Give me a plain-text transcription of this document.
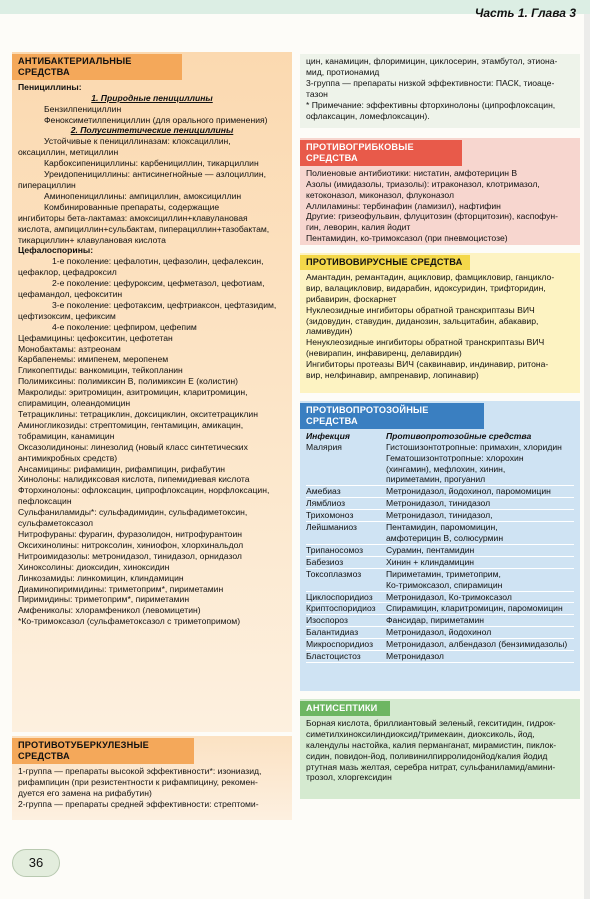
Часть 1. Глава 3
АНТИБАКТЕРИАЛЬНЫЕ СРЕДСТВА
Пенициллины:
1. Природные пенициллины
Бензилпенициллин
Феноксиметилпенициллин (для орального применения)
2. Полусинтетические пенициллины
Устойчивые к пенициллиназам: клоксациллин,
оксациллин, метициллин
Карбоксипенициллины: карбенициллин, тикарциллин
Уреидопенициллины: антисинегнойные — азлоциллин,
пиперациллин
Аминопенициллины: ампициллин, амоксициллин
Комбинированные препараты, содержащие
ингибиторы бета-лактамаз: амоксициллин+клавулановая
кислота, ампициллин+сульбактам, пиперациллин+тазобактам,
тикарциллин+ клавулановая кислота
Цефалоспорины:
1-е поколение: цефалотин, цефазолин, цефалексин,
цефаклор, цефадроксил
2-е поколение: цефуроксим, цефметазол, цефотиам,
цефамандол, цефокситин
3-е поколение: цефотаксим, цефтриаксон, цефтазидим,
цефтизоксим, цефиксим
4-е поколение: цефпиром, цефепим
Цефамицины: цефокситин, цефотетан
Монобактамы: азтреонам
Карбапенемы: имипенем, меропенем
Гликопептиды: ванкомицин, тейкопланин
Полимиксины: полимиксин В, полимиксин Е (колистин)
Макролиды: эритромицин, азитромицин, кларитромицин,
спирамицин, олеандомицин
Тетрациклины: тетрациклин, доксициклин, окситетрациклин
Аминогликозиды: стрептомицин, гентамицин, амикацин,
тобрамицин, канамицин
Оксазолидиноны: линезолид (новый класс синтетических
антимикробных средств)
Ансамицины: рифамицин, рифампицин, рифабутин
Хинолоны: налидиксовая кислота, пипемидиевая кислота
Фторхинолоны: офлоксацин, ципрофлоксацин, норфлоксацин,
пефлоксацин
Сульфаниламиды*: сульфадимидин, сульфадиметоксин,
сульфаметоксазол
Нитрофураны: фурагин, фуразолидон, нитрофурантоин
Оксихинолины: нитроксолин, хиниофон, хлорхинальдол
Нитроимидазолы: метронидазол, тинидазол, орнидазол
Хиноксолины: диоксидин, хиноксидин
Линкозамиды: линкомицин, клиндамицин
Диаминопиримидины: триметоприм*, пириметамин
Пиримидины: триметоприм*, пириметамин
Амфениколы: хлорамфеникол (левомицетин)
*Ко-тримоксазол (сульфаметоксазол с триметопримом)
ПРОТИВОТУБЕРКУЛЕЗНЫЕ СРЕДСТВА
1-группа — препараты высокой эффективности*: изониазид,
рифампицин (при резистентности к рифампицину, рекомен-
дуется его замена на рифабутин)
2-группа — препараты средней эффективности: стрептоми-
цин, канамицин, флоримицин, циклосерин, этамбутол, этиона-
мид, протионамид
3-группа — препараты низкой эффективности: ПАСК, тиоаце-
тазон
* Примечание: эффективны фторхинолоны (ципрофлоксацин,
офлаксацин, ломефлоксацин).
ПРОТИВОГРИБКОВЫЕ СРЕДСТВА
Полиеновые антибиотики: нистатин, амфотерицин В
Азолы (имидазолы, триазолы): итраконазол, клотримазол,
кетоконазол, миконазол, флуконазол
Аллиламины: тербинафин (ламизил), нафтифин
Другие: гризеофульвин, флуцитозин (фторцитозин), каспофун-
гин, леворин, калия йодит
Пентамидин, ко-тримоксазол (при пневмоцистозе)
ПРОТИВОВИРУСНЫЕ СРЕДСТВА
Амантадин, ремантадин, ацикловир, фамцикловир, ганцикло-
вир, валацикловир, видарабин, идоксуридин, трифторидин,
рибавирин, фоскарнет
Нуклеозидные ингибиторы обратной транскриптазы ВИЧ
(зидовудин, ставудин, диданозин, зальцитабин, абакавир,
ламивудин)
Ненуклеозидные ингибиторы обратной транскриптазы ВИЧ
(невирапин, инфавиренц, делавирдин)
Ингибиторы протеазы ВИЧ (саквинавир, индинавир, ритона-
вир, нелфинавир, ампренавир, лопинавир)
ПРОТИВОПРОТОЗОЙНЫЕ СРЕДСТВА
Инфекция	Противопротозойные средства
Малярия	Гистошизонтотропные: примахин, хлоридин
Гематошизонтотропные: хлорохин
(хингамин), мефлохин, хинин,
пириметамин, прогуанил
Амебиаз	Метронидазол, йодохинол, паромомицин
Лямблиоз	Метронидазол, тинидазол
Трихомоноз	Метронидазол, тинидазол,
Лейшманиоз	Пентамидин, паромомицин,
амфотерицин В, солюсурмин
Трипаносомоз	Сурамин, пентамидин
Бабезиоз	Хинин + клиндамицин
Токсоплазмоз	Пириметамин, триметоприм,
Ко-тримоксазол, спирамицин
Циклоспоридиоз	Метронидазол, Ко-тримоксазол
Криптоспоридиоз	Спирамицин, кларитромицин, паромомицин
Изоспороз	Фансидар, пириметамин
Балантидиаз	Метронидазол, йодохинол
Микроспоридиоз	Метронидазол, албендазол (бензимидазолы)
Бластоцистоз	Метронидазол
АНТИСЕПТИКИ
Борная кислота, бриллиантовый зеленый, гекситидин, гидрок-
симетилхиноксилиндиоксид/тримекаин, диоксиколь, йод,
календулы настойка, калия перманганат, мирамистин, пиклок-
сидин, повидон-йод, поливинилпирролидонйод/калия йодид
ртутная мазь желтая, серебра нитрат, сульфаниламид/амини-
трозол, хлоргексидин
36
